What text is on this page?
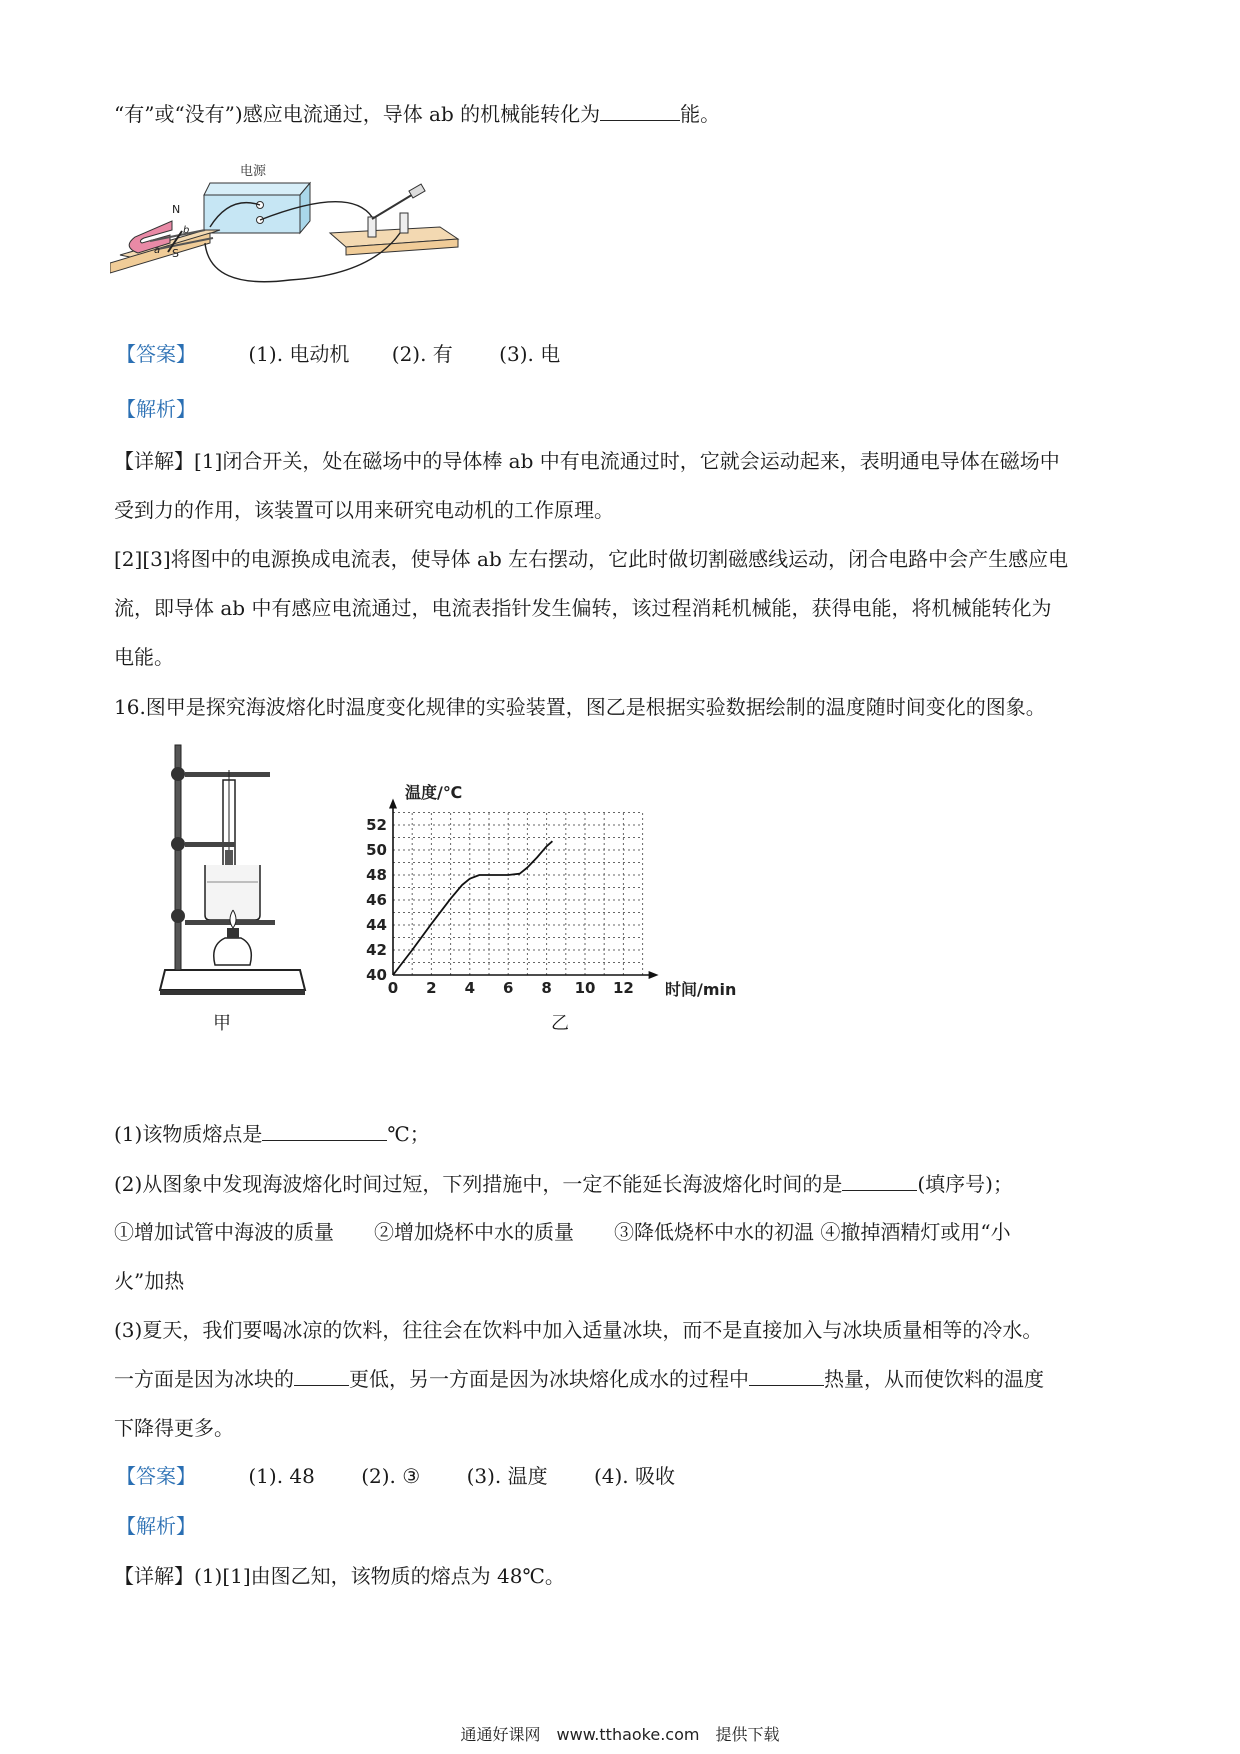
“有”或“没有”)感应电流通过，导体 ab 的机械能转化为	能。
电源
N
S
b
a
【答案】	(1). 电动机 (2). 有 (3). 电
【解析】
【详解】[1]闭合开关，处在磁场中的导体棒 ab 中有电流通过时，它就会运动起来，表明通电导体在磁场中
受到力的作用，该装置可以用来研究电动机的工作原理。
[2][3]将图中的电源换成电流表，使导体 ab 左右摆动，它此时做切割磁感线运动，闭合电路中会产生感应电
流，即导体 ab 中有感应电流通过，电流表指针发生偏转，该过程消耗机械能，获得电能，将机械能转化为
电能。
16.图甲是探究海波熔化时温度变化规律的实验装置，图乙是根据实验数据绘制的温度随时间变化的图象。
甲
0 2 4 6 8 10 12
40
42
44
46
48
50
52
温度/℃
时间/min
乙
(1)该物质熔点是	℃；
(2)从图象中发现海波熔化时间过短，下列措施中，一定不能延长海波熔化时间的是	(填序号)；
①增加试管中海波的质量　　②增加烧杯中水的质量　　③降低烧杯中水的初温 ④撤掉酒精灯或用“小
火”加热
(3)夏天，我们要喝冰凉的饮料，往往会在饮料中加入适量冰块，而不是直接加入与冰块质量相等的冷水。
一方面是因为冰块的	更低，另一方面是因为冰块熔化成水的过程中	热量，从而使饮料的温度
下降得更多。
【答案】	(1). 48 (2). ③ (3). 温度 (4). 吸收
【解析】
【详解】(1)[1]由图乙知，该物质的熔点为 48℃。
通通好课网　www.tthaoke.com　提供下载
